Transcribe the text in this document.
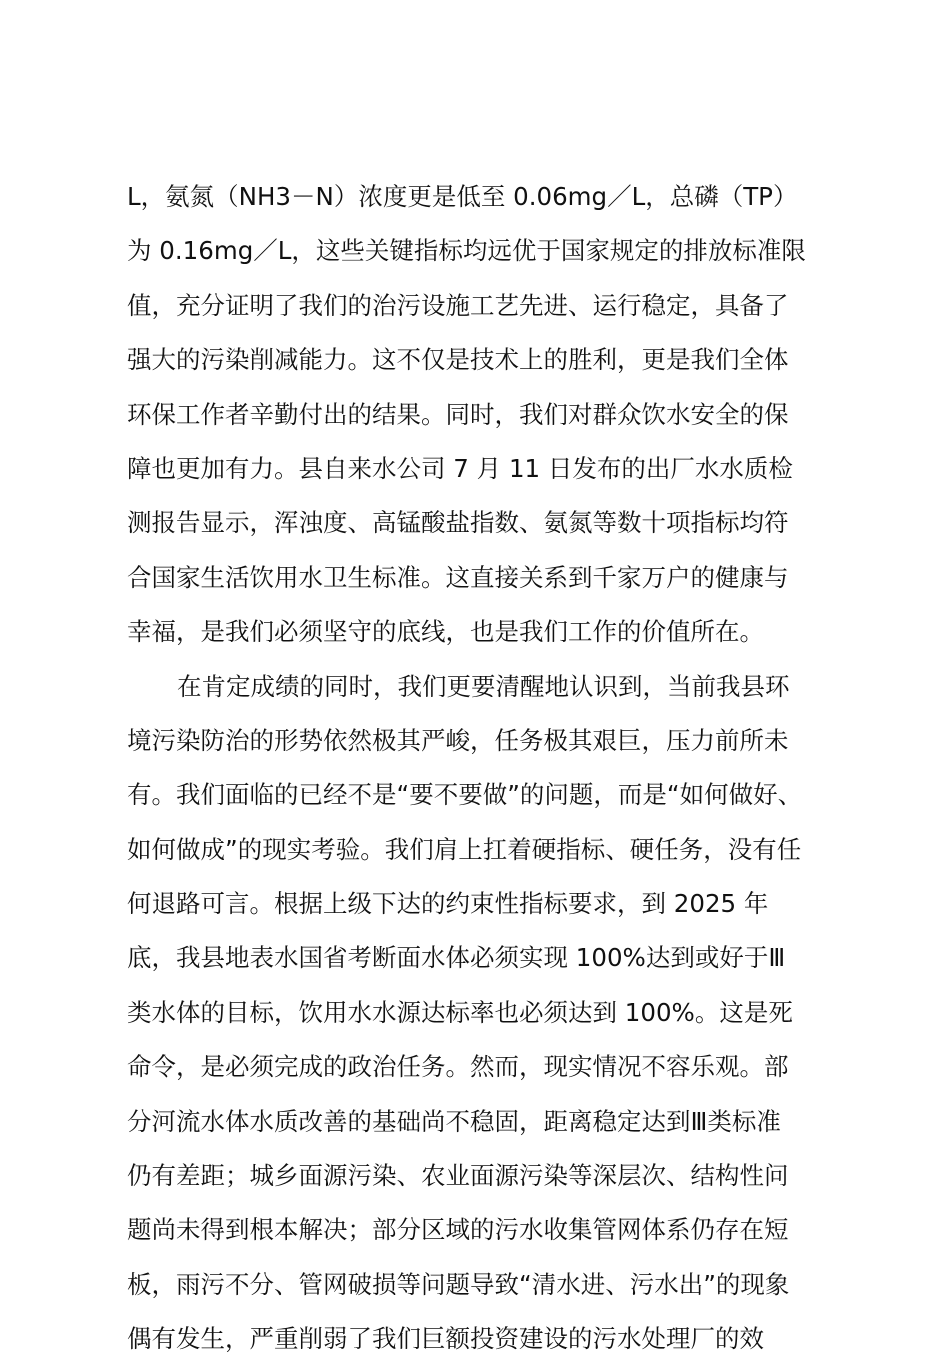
L，氨氮（NH3－N）浓度更是低至 0.06mg／L，总磷（TP）
为 0.16mg／L，这些关键指标均远优于国家规定的排放标准限
值，充分证明了我们的治污设施工艺先进、运行稳定，具备了
强大的污染削减能力。这不仅是技术上的胜利，更是我们全体
环保工作者辛勤付出的结果。同时，我们对群众饮水安全的保
障也更加有力。县自来水公司 7 月 11 日发布的出厂水水质检
测报告显示，浑浊度、高锰酸盐指数、氨氮等数十项指标均符
合国家生活饮用水卫生标准。这直接关系到千家万户的健康与
幸福，是我们必须坚守的底线，也是我们工作的价值所在。
在肯定成绩的同时，我们更要清醒地认识到，当前我县环
境污染防治的形势依然极其严峻，任务极其艰巨，压力前所未
有。我们面临的已经不是“要不要做”的问题，而是“如何做好、
如何做成”的现实考验。我们肩上扛着硬指标、硬任务，没有任
何退路可言。根据上级下达的约束性指标要求，到 2025 年
底，我县地表水国省考断面水体必须实现 100%达到或好于Ⅲ
类水体的目标，饮用水水源达标率也必须达到 100%。这是死
命令，是必须完成的政治任务。然而，现实情况不容乐观。部
分河流水体水质改善的基础尚不稳固，距离稳定达到Ⅲ类标准
仍有差距；城乡面源污染、农业面源污染等深层次、结构性问
题尚未得到根本解决；部分区域的污水收集管网体系仍存在短
板，雨污不分、管网破损等问题导致“清水进、污水出”的现象
偶有发生，严重削弱了我们巨额投资建设的污水处理厂的效
